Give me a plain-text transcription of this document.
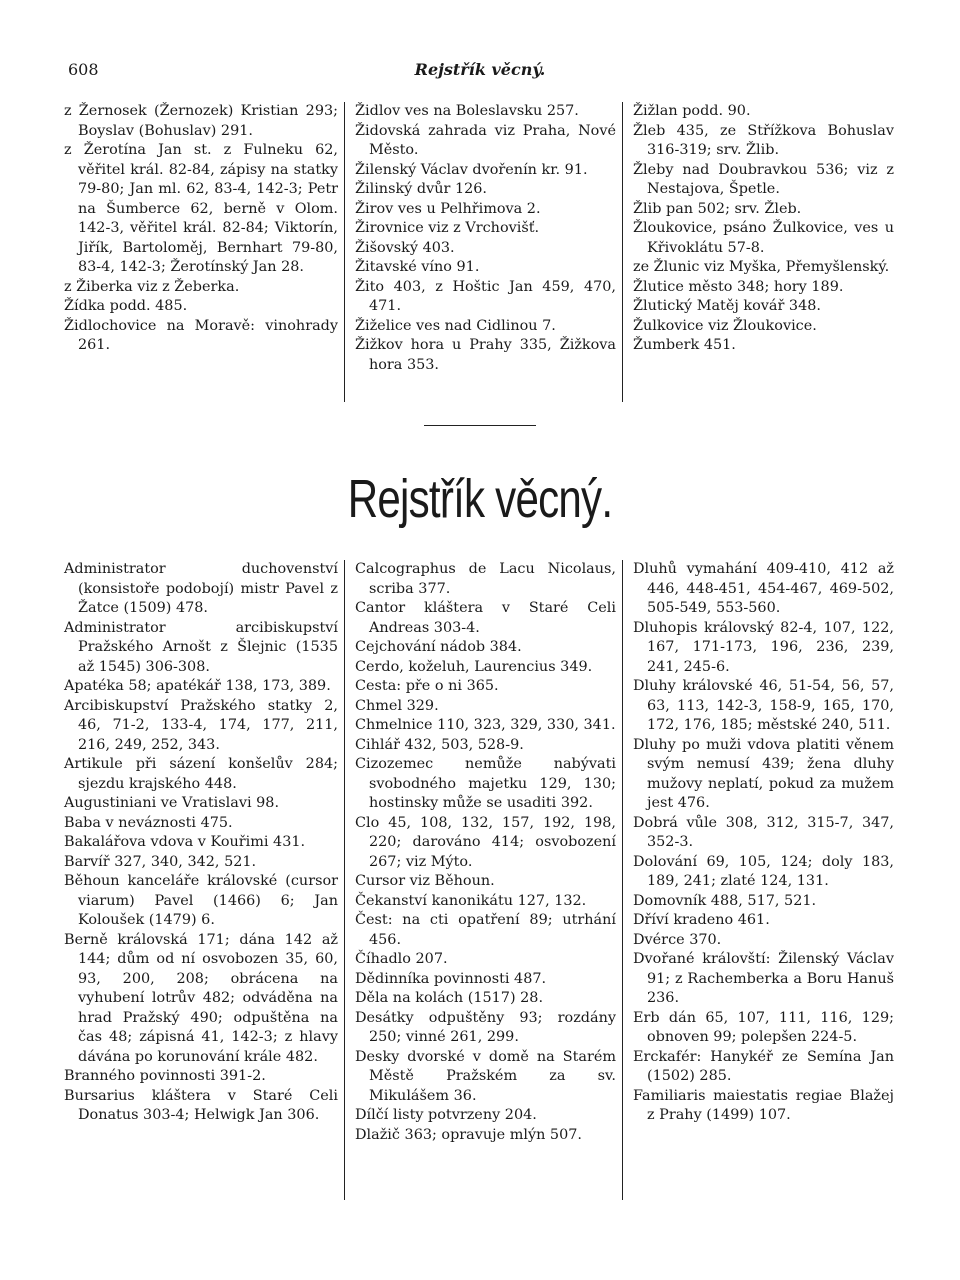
608	Rejstřík věcný.

z Žernosek (Žernozek) Kristian 293; Boyslav (Bohuslav) 291.

z Žerotína Jan st. z Fulneku 62, věřitel král. 82-84, zápisy na statky 79-80; Jan ml. 62, 83-4, 142-3; Petr na Šumberce 62, berně v Olom. 142-3, věřitel král. 82-84; Viktorín, Jiřík, Bartoloměj, Bernhart 79-80, 83-4, 142-3; Žerotínský Jan 28.

z Žiberka viz z Žeberka.

Žídka podd. 485.

Židlochovice na Moravě: vinohrady 261.

Židlov ves na Boleslavsku 257.

Židovská zahrada viz Praha, Nové Město.

Žilenský Václav dvořenín kr. 91.

Žilinský dvůr 126.

Žirov ves u Pelhřimova 2.

Žirovnice viz z Vrchovišť.

Žišovský 403.

Žitavské víno 91.

Žito 403, z Hoštic Jan 459, 470, 471.

Žiželice ves nad Cidlinou 7.

Žižkov hora u Prahy 335, Žižkova hora 353.

Žižlan podd. 90.

Žleb 435, ze Střížkova Bohuslav 316-319; srv. Žlib.

Žleby nad Doubravkou 536; viz z Nestajova, Špetle.

Žlib pan 502; srv. Žleb.

Žloukovice, psáno Žulkovice, ves u Křivoklátu 57-8.

ze Žlunic viz Myška, Přemyšlenský.

Žlutice město 348; hory 189.

Žlutický Matěj kovář 348.

Žulkovice viz Žloukovice.

Žumberk 451.

Rejstřík věcný.

Administrator duchovenství (konsistoře podobojí) mistr Pavel z Žatce (1509) 478.

Administrator arcibiskupství Pražského Arnošt z Šlejnic (1535 až 1545) 306-308.

Apatéka 58; apatékář 138, 173, 389.

Arcibiskupství Pražského statky 2, 46, 71-2, 133-4, 174, 177, 211, 216, 249, 252, 343.

Artikule při sázení konšelův 284; sjezdu krajského 448.

Augustiniani ve Vratislavi 98.

Baba v neváznosti 475.

Bakalářova vdova v Kouřimi 431.

Barvíř 327, 340, 342, 521.

Běhoun kanceláře královské (cursor viarum) Pavel (1466) 6; Jan Koloušek (1479) 6.

Berně královská 171; dána 142 až 144; dům od ní osvobozen 35, 60, 93, 200, 208; obrácena na vyhubení lotrův 482; odváděna na hrad Pražský 490; odpuštěna na čas 48; zápisná 41, 142-3; z hlavy dávána po korunování krále 482.

Branného povinnosti 391-2.

Bursarius kláštera v Staré Celi Donatus 303-4; Helwigk Jan 306.

Calcographus de Lacu Nicolaus, scriba 377.

Cantor kláštera v Staré Celi Andreas 303-4.

Cejchování nádob 384.

Cerdo, koželuh, Laurencius 349.

Cesta: pře o ni 365.

Chmel 329.

Chmelnice 110, 323, 329, 330, 341.

Cihlář 432, 503, 528-9.

Cizozemec nemůže nabývati svobodného majetku 129, 130; hostinsky může se usaditi 392.

Clo 45, 108, 132, 157, 192, 198, 220; darováno 414; osvobození 267; viz Mýto.

Cursor viz Běhoun.

Čekanství kanonikátu 127, 132.

Čest: na cti opatření 89; utrhání 456.

Číhadlo 207.

Dědinníka povinnosti 487.

Děla na kolách (1517) 28.

Desátky odpuštěny 93; rozdány 250; vinné 261, 299.

Desky dvorské v domě na Starém Městě Pražském za sv. Mikulášem 36.

Dílčí listy potvrzeny 204.

Dlažič 363; opravuje mlýn 507.

Dluhů vymahání 409-410, 412 až 446, 448-451, 454-467, 469-502, 505-549, 553-560.

Dluhopis královský 82-4, 107, 122, 167, 171-173, 196, 236, 239, 241, 245-6.

Dluhy královské 46, 51-54, 56, 57, 63, 113, 142-3, 158-9, 165, 170, 172, 176, 185; městské 240, 511.

Dluhy po muži vdova platiti věnem svým nemusí 439; žena dluhy mužovy neplatí, pokud za mužem jest 476.

Dobrá vůle 308, 312, 315-7, 347, 352-3.

Dolování 69, 105, 124; doly 183, 189, 241; zlaté 124, 131.

Domovník 488, 517, 521.

Dříví kradeno 461.

Dvérce 370.

Dvořané královští: Žilenský Václav 91; z Rachemberka a Boru Hanuš 236.

Erb dán 65, 107, 111, 116, 129; obnoven 99; polepšen 224-5.

Erckafér: Hanykéř ze Semína Jan (1502) 285.

Familiaris maiestatis regiae Blažej z Prahy (1499) 107.
